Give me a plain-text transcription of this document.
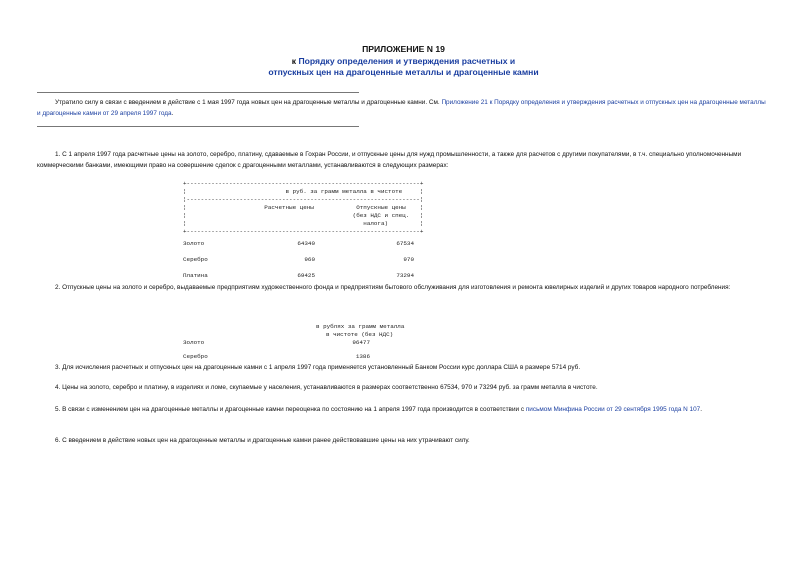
ПРИЛОЖЕНИЕ N 19
к Порядку определения и утверждения расчетных и
отпускных цен на драгоценные металлы и драгоценные камни
Утратило силу в связи с введением в действие с 1 мая 1997 года новых цен на драгоценные металлы и драгоценные камни. См. Приложение 21 к Порядку определения и утверждения расчетных и отпускных цен на драгоценные металлы и драгоценные камни от 29 апреля 1997 года.
1. С 1 апреля 1997 года расчетные цены на золото, серебро, платину, сдаваемые в Гохран России, и отпускные цены для нужд промышленности, а также для расчетов с другими покупателями, в т.ч. специально уполномоченными коммерческими банками, имеющими право на совершение сделок с драгоценными металлами, устанавливаются в следующих размерах:
+------------------------------------------------------------------+
¦                            в руб. за грамм металла в чистоте     ¦
¦------------------------------------------------------------------¦
¦                      Расчетные цены            Отпускные цены    ¦
¦                                               (без НДС и спец.   ¦
¦                                                  налога)         ¦
+------------------------------------------------------------------+
Золото	64340	67534
Серебро	960	970
Платина	69425	73294
2. Отпускные цены на золото и серебро, выдаваемые предприятиям художественного фонда и предприятиям бытового обслуживания для изготовления и ремонта ювелирных изделий и других товаров народного потребления:
в рублях за грамм металла
в чистоте (без НДС)
Золото	96477
Серебро	1386
3. Для исчисления расчетных и отпускных цен на драгоценные камни с 1 апреля 1997 года применяется установленный Банком России курс доллара США в размере 5714 руб.
4. Цены на золото, серебро и платину, в изделиях и ломе, скупаемые у населения, устанавливаются в размерах соответственно 67534, 970 и 73294 руб. за грамм металла в чистоте.
5. В связи с изменением цен на драгоценные металлы и драгоценные камни переоценка по состоянию на 1 апреля 1997 года производится в соответствии с письмом Минфина России от 29 сентября 1995 года N 107.
6. С введением в действие новых цен на драгоценные металлы и драгоценные камни ранее действовавшие цены на них утрачивают силу.
